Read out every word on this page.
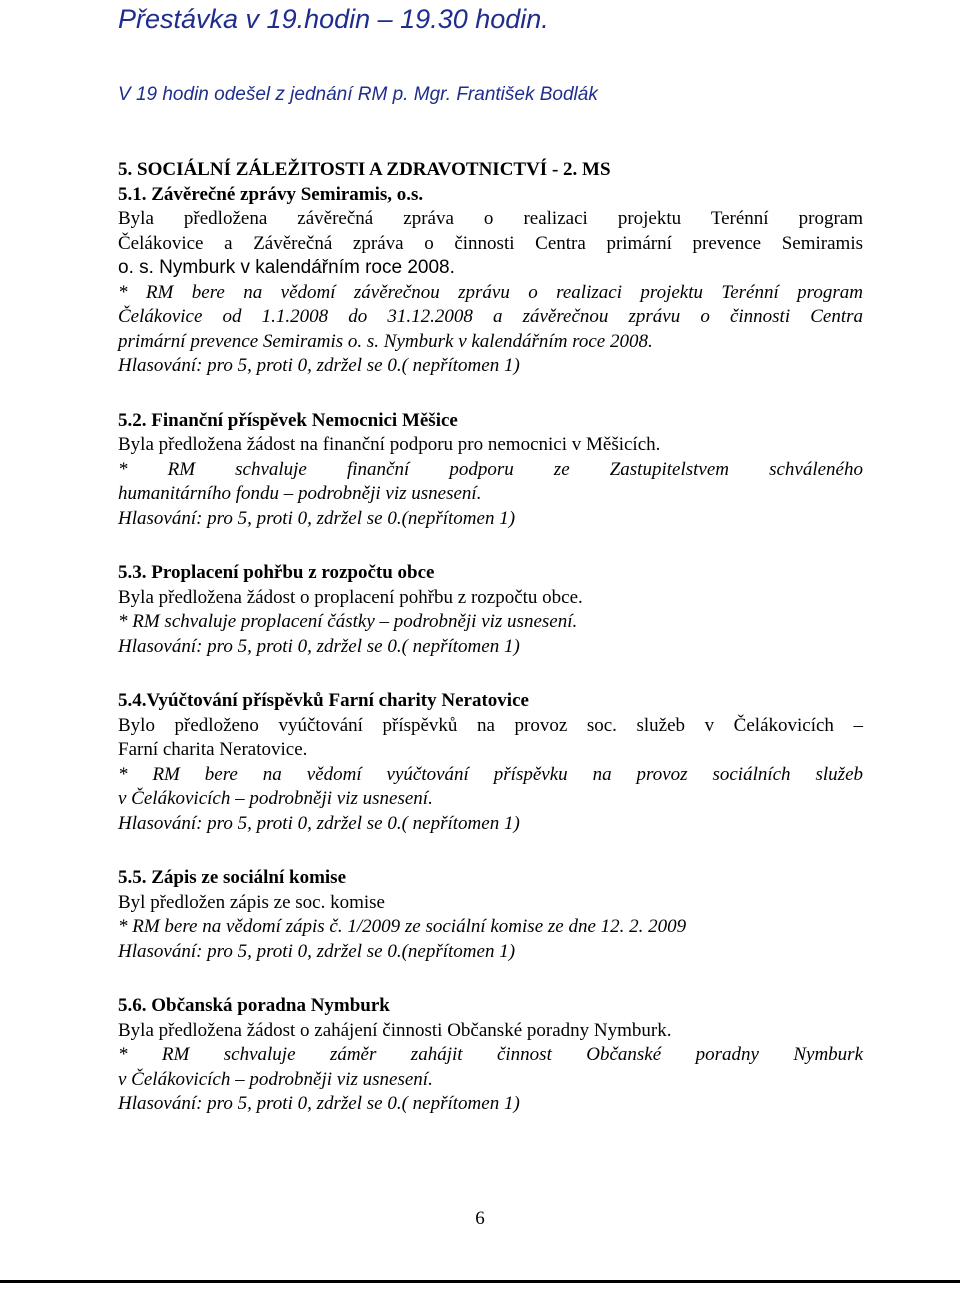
Přestávka v 19.hodin – 19.30 hodin.
V 19 hodin odešel z jednání RM p. Mgr. František Bodlák
5. SOCIÁLNÍ ZÁLEŽITOSTI A ZDRAVOTNICTVÍ - 2. MS
5.1. Závěrečné zprávy Semiramis, o.s.
Byla předložena závěrečná zpráva o realizaci projektu Terénní program
Čelákovice a Závěrečná zpráva o činnosti Centra primární prevence Semiramis
o. s. Nymburk v kalendářním roce 2008.
* RM bere na vědomí závěrečnou zprávu o realizaci projektu Terénní program
Čelákovice od 1.1.2008 do 31.12.2008 a závěrečnou zprávu o činnosti Centra
primární prevence Semiramis o. s. Nymburk v kalendářním roce 2008.
Hlasování: pro 5, proti 0, zdržel se 0.( nepřítomen 1)
5.2. Finanční příspěvek Nemocnici Měšice
Byla předložena žádost na finanční podporu pro nemocnici v Měšicích.
* RM schvaluje finanční podporu ze Zastupitelstvem schváleného
humanitárního fondu – podrobněji viz usnesení.
Hlasování: pro 5, proti 0, zdržel se 0.(nepřítomen 1)
5.3. Proplacení pohřbu z rozpočtu obce
Byla předložena žádost o proplacení pohřbu z rozpočtu obce.
* RM schvaluje proplacení částky – podrobněji viz usnesení.
Hlasování: pro 5, proti 0, zdržel se 0.( nepřítomen 1)
5.4.Vyúčtování příspěvků Farní charity Neratovice
Bylo předloženo vyúčtování příspěvků na provoz soc. služeb v Čelákovicích –
Farní charita Neratovice.
* RM bere na vědomí vyúčtování příspěvku na provoz sociálních služeb
v Čelákovicích – podrobněji viz usnesení.
Hlasování: pro 5, proti 0, zdržel se 0.( nepřítomen 1)
5.5. Zápis ze sociální komise
Byl předložen zápis ze soc. komise
* RM bere na vědomí zápis č. 1/2009 ze sociální komise ze dne 12. 2. 2009
Hlasování: pro 5, proti 0, zdržel se 0.(nepřítomen 1)
5.6. Občanská poradna Nymburk
Byla předložena žádost o zahájení činnosti Občanské poradny Nymburk.
* RM schvaluje záměr zahájit činnost Občanské poradny Nymburk
v Čelákovicích – podrobněji viz usnesení.
Hlasování: pro 5, proti 0, zdržel se 0.( nepřítomen 1)
6
